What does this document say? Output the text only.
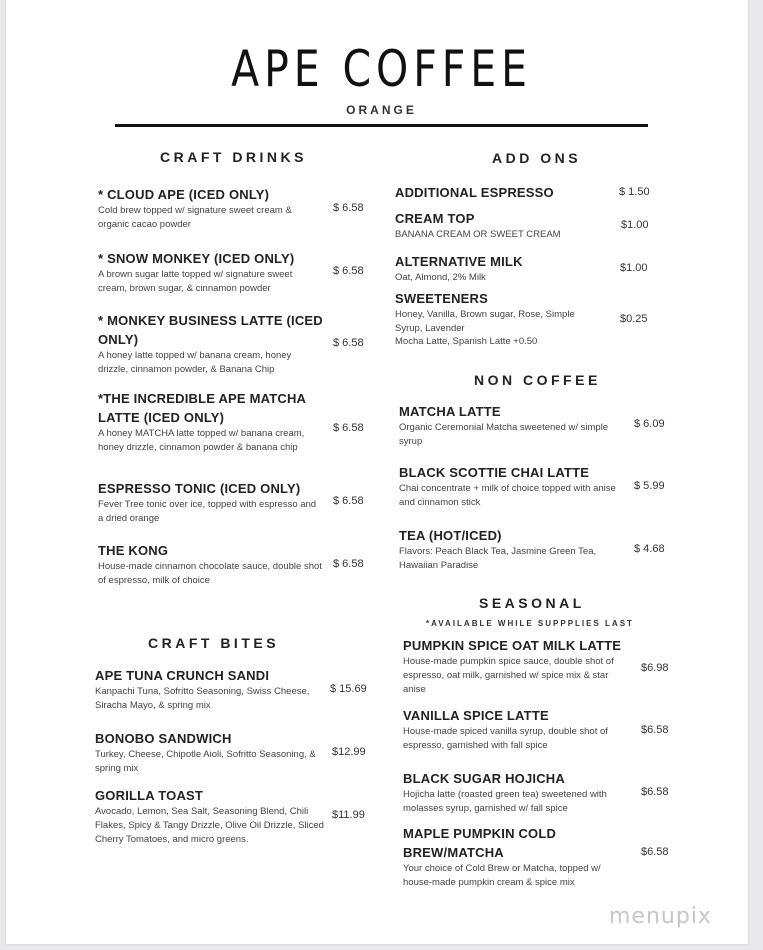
APE COFFEE
ORANGE
CRAFT DRINKS
* CLOUD APE (ICED ONLY)
Cold brew topped w/ signature sweet cream & organic cacao powder
$ 6.58
* SNOW MONKEY (ICED ONLY)
A brown sugar latte topped w/ signature sweet cream, brown sugar, & cinnamon powder
$ 6.58
* MONKEY BUSINESS LATTE (ICED ONLY)
A honey latte topped w/ banana cream, honey drizzle, cinnamon powder, & Banana Chip
$ 6.58
*THE INCREDIBLE APE MATCHA LATTE (ICED ONLY)
A honey MATCHA latte topped w/ banana cream, honey drizzle, cinnamon powder & banana chip
$ 6.58
ESPRESSO TONIC (ICED ONLY)
Fever Tree tonic over ice, topped with espresso and a dried orange
$ 6.58
THE KONG
House-made cinnamon chocolate sauce, double shot of espresso, milk of choice
$ 6.58
CRAFT BITES
APE TUNA CRUNCH SANDI
Kanpachi Tuna, Sofritto Seasoning, Swiss Cheese, Siracha Mayo, & spring mix
$ 15.69
BONOBO SANDWICH
Turkey, Cheese, Chipotle Aioli, Sofritto Seasoning, & spring mix
$12.99
GORILLA TOAST
Avocado, Lemon, Sea Salt, Seasoning Blend, Chili Flakes, Spicy & Tangy Drizzle, Olive Oil Drizzle, Sliced Cherry Tomatoes, and micro greens.
$11.99
ADD ONS
ADDITIONAL ESPRESSO	$ 1.50
CREAM TOP
BANANA CREAM OR SWEET CREAM
$1.00
ALTERNATIVE MILK
Oat, Almond, 2% Milk
$1.00
SWEETENERS
Honey, Vanilla, Brown sugar, Rose, Simple Syrup, Lavender
Mocha Latte, Spanish Latte +0.50
$0.25
NON COFFEE
MATCHA LATTE
Organic Ceremonial Matcha sweetened w/ simple syrup
$ 6.09
BLACK SCOTTIE CHAI LATTE
Chai concentrate + milk of choice topped with anise and cinnamon stick
$ 5.99
TEA (HOT/ICED)
Flavors: Peach Black Tea, Jasmine Green Tea, Hawaiian Paradise
$ 4.68
SEASONAL
*AVAILABLE WHILE SUPPPLIES LAST
PUMPKIN SPICE OAT MILK LATTE
House-made pumpkin spice sauce, double shot of espresso, oat milk, garnished w/ spice mix & star anise
$6.98
VANILLA SPICE LATTE
House-made spiced vanilla syrup, double shot of espresso, garnished with fall spice
$6.58
BLACK SUGAR HOJICHA
Hojicha latte (roasted green tea) sweetened with molasses syrup, garnished w/ fall spice
$6.58
MAPLE PUMPKIN COLD BREW/MATCHA
Your choice of Cold Brew or Matcha, topped w/ house-made pumpkin cream & spice mix
$6.58
menupix
